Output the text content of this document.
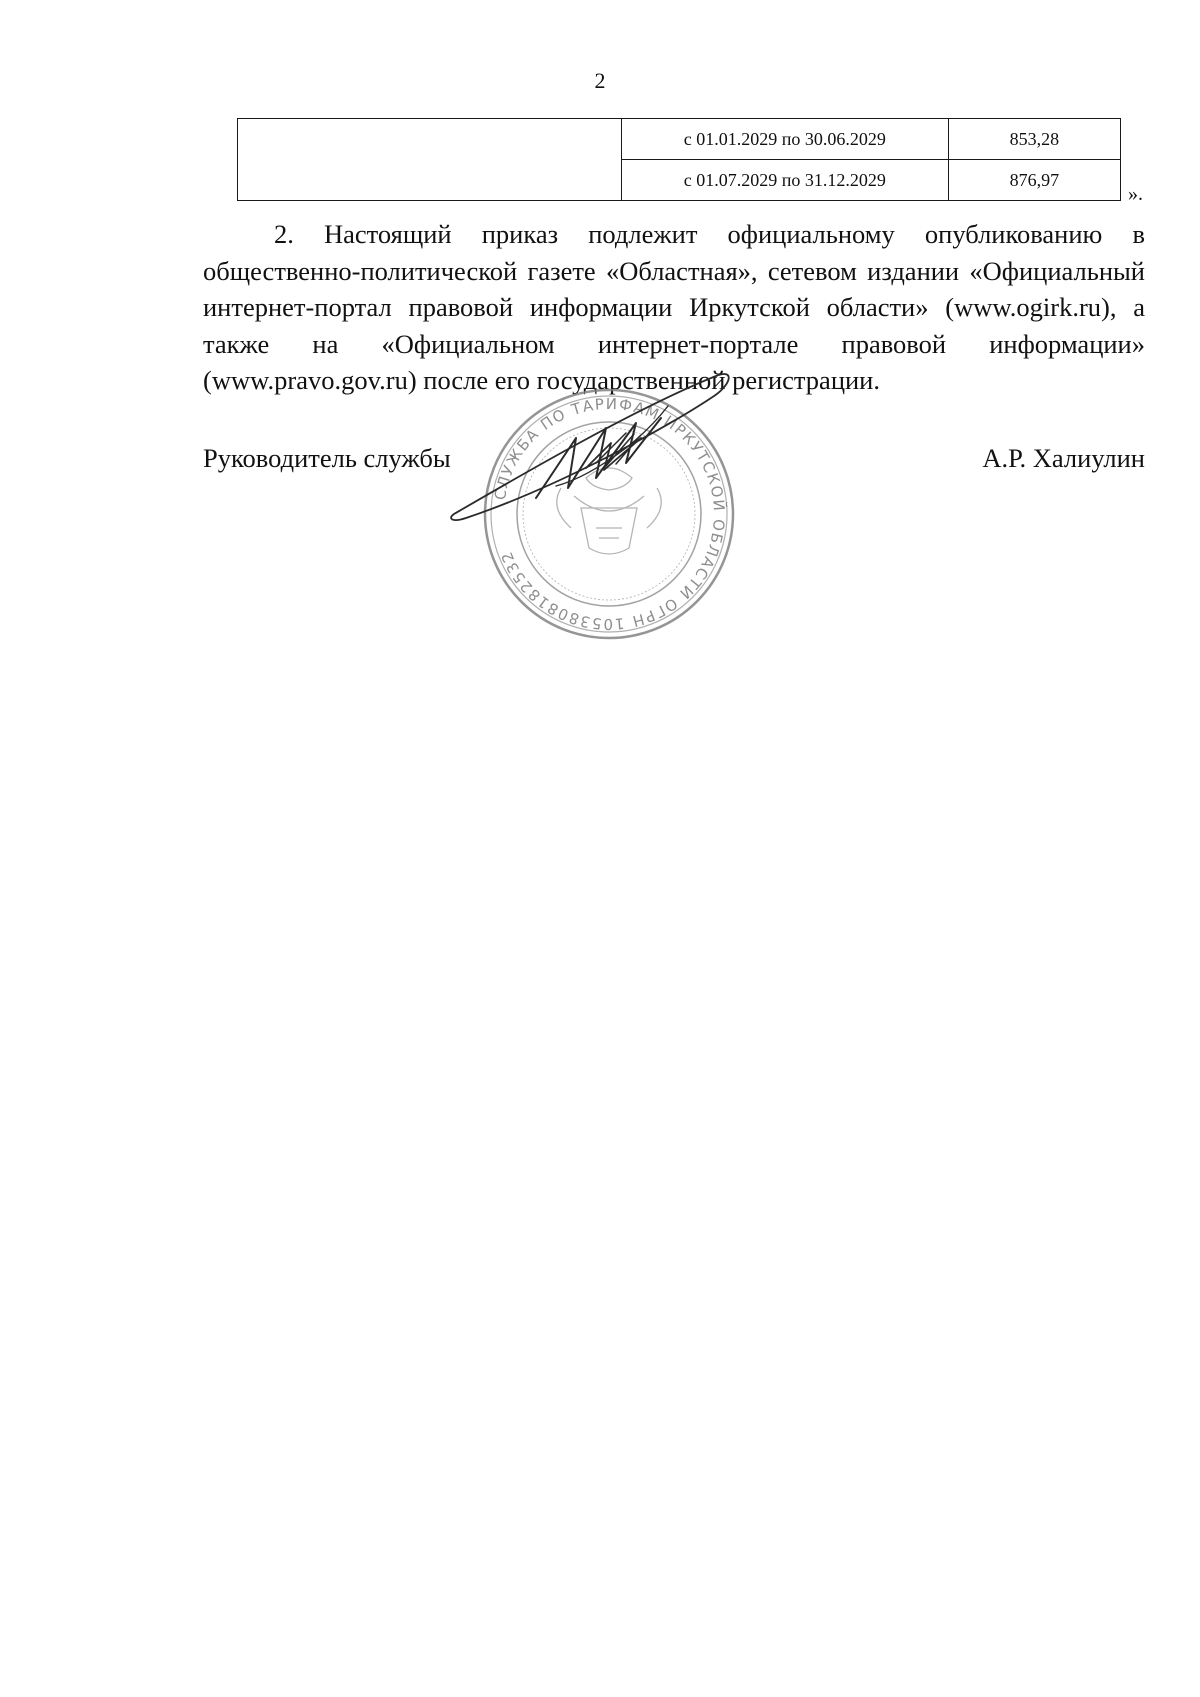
2
	с 01.01.2029 по 30.06.2029	853,28
	с 01.07.2029 по 31.12.2029	876,97
».

2. Настоящий приказ подлежит официальному опубликованию в общественно-политической газете «Областная», сетевом издании «Официальный интернет-портал правовой информации Иркутской области» (www.ogirk.ru), а также на «Официальном интернет-портале правовой информации» (www.pravo.gov.ru) после его государственной регистрации.

Руководитель службы	А.Р. Халиулин
СЛУЖБА ПО ТАРИФАМ ИРКУТСКОЙ ОБЛАСТИ ОГРН 1053808182532
